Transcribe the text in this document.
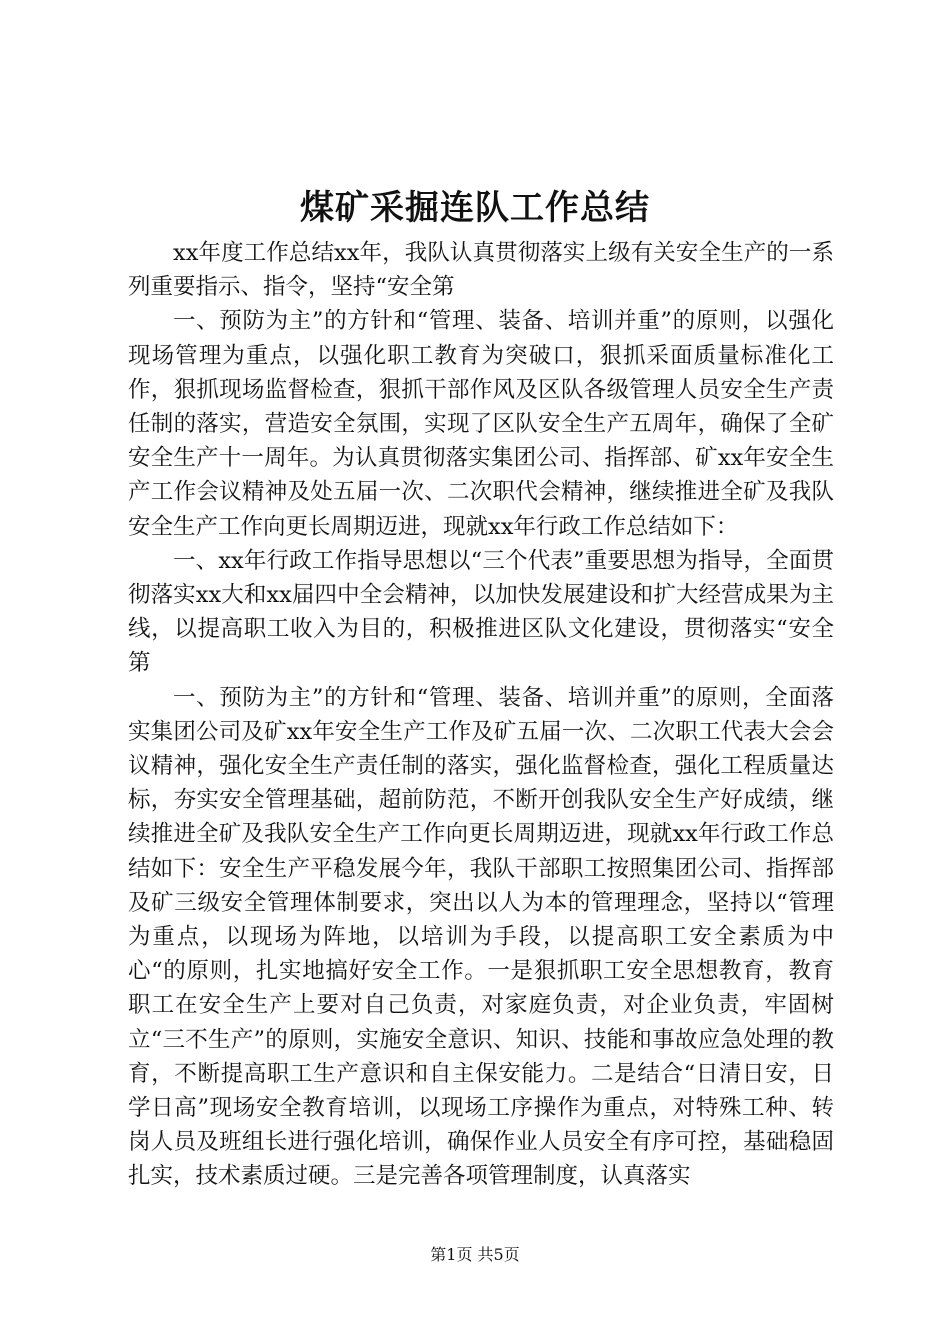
煤矿采掘连队工作总结

xx年度工作总结xx年，我队认真贯彻落实上级有关安全生产的一系列重要指示、指令，坚持“安全第

一、预防为主”的方针和“管理、装备、培训并重”的原则，以强化现场管理为重点，以强化职工教育为突破口，狠抓采面质量标准化工作，狠抓现场监督检查，狠抓干部作风及区队各级管理人员安全生产责任制的落实，营造安全氛围，实现了区队安全生产五周年，确保了全矿安全生产十一周年。为认真贯彻落实集团公司、指挥部、矿xx年安全生产工作会议精神及处五届一次、二次职代会精神，继续推进全矿及我队安全生产工作向更长周期迈进，现就xx年行政工作总结如下：

一、xx年行政工作指导思想以“三个代表”重要思想为指导，全面贯彻落实xx大和xx届四中全会精神，以加快发展建设和扩大经营成果为主线，以提高职工收入为目的，积极推进区队文化建设，贯彻落实“安全第

一、预防为主”的方针和“管理、装备、培训并重”的原则，全面落实集团公司及矿xx年安全生产工作及矿五届一次、二次职工代表大会会议精神，强化安全生产责任制的落实，强化监督检查，强化工程质量达标，夯实安全管理基础，超前防范，不断开创我队安全生产好成绩，继续推进全矿及我队安全生产工作向更长周期迈进，现就xx年行政工作总结如下：安全生产平稳发展今年，我队干部职工按照集团公司、指挥部及矿三级安全管理体制要求，突出以人为本的管理理念，坚持以“管理为重点，以现场为阵地，以培训为手段，以提高职工安全素质为中心“的原则，扎实地搞好安全工作。一是狠抓职工安全思想教育，教育职工在安全生产上要对自己负责，对家庭负责，对企业负责，牢固树立“三不生产”的原则，实施安全意识、知识、技能和事故应急处理的教育，不断提高职工生产意识和自主保安能力。二是结合“日清日安，日学日高”现场安全教育培训，以现场工序操作为重点，对特殊工种、转岗人员及班组长进行强化培训，确保作业人员安全有序可控，基础稳固扎实，技术素质过硬。三是完善各项管理制度，认真落实

第1页 共5页
